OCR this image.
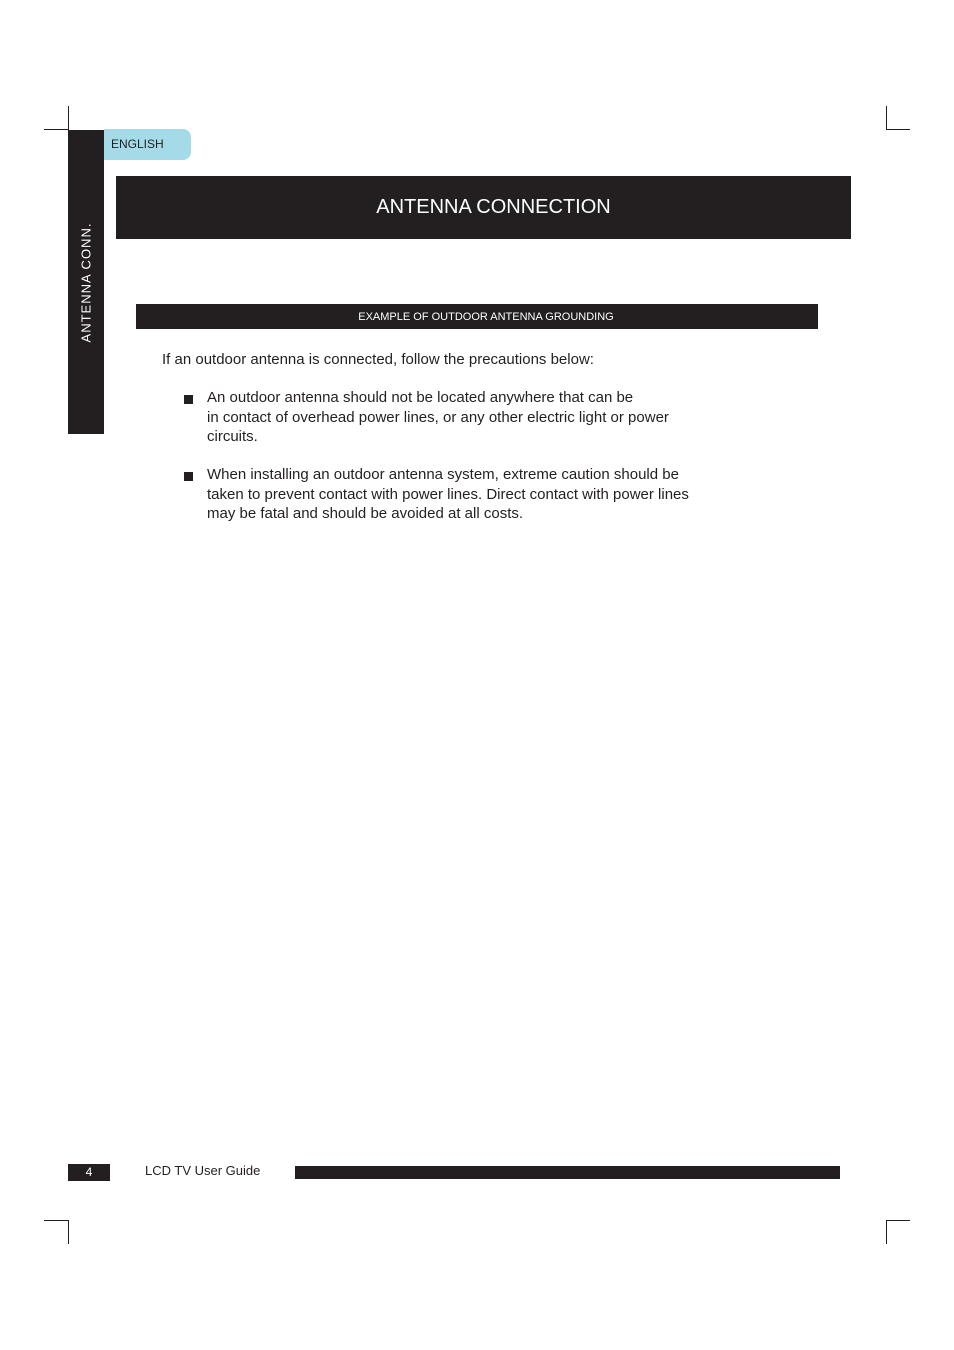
ANTENNA CONN.
ENGLISH
ANTENNA CONNECTION
EXAMPLE OF OUTDOOR ANTENNA GROUNDING
If an outdoor antenna is connected, follow the precautions below:
An outdoor antenna should not be located anywhere that can be
in contact of overhead power lines, or any other electric light or power
circuits.
When installing an outdoor antenna system, extreme caution should be
taken to prevent contact with power lines. Direct contact with power lines
may be fatal and should be avoided at all costs.
4	LCD TV User Guide
